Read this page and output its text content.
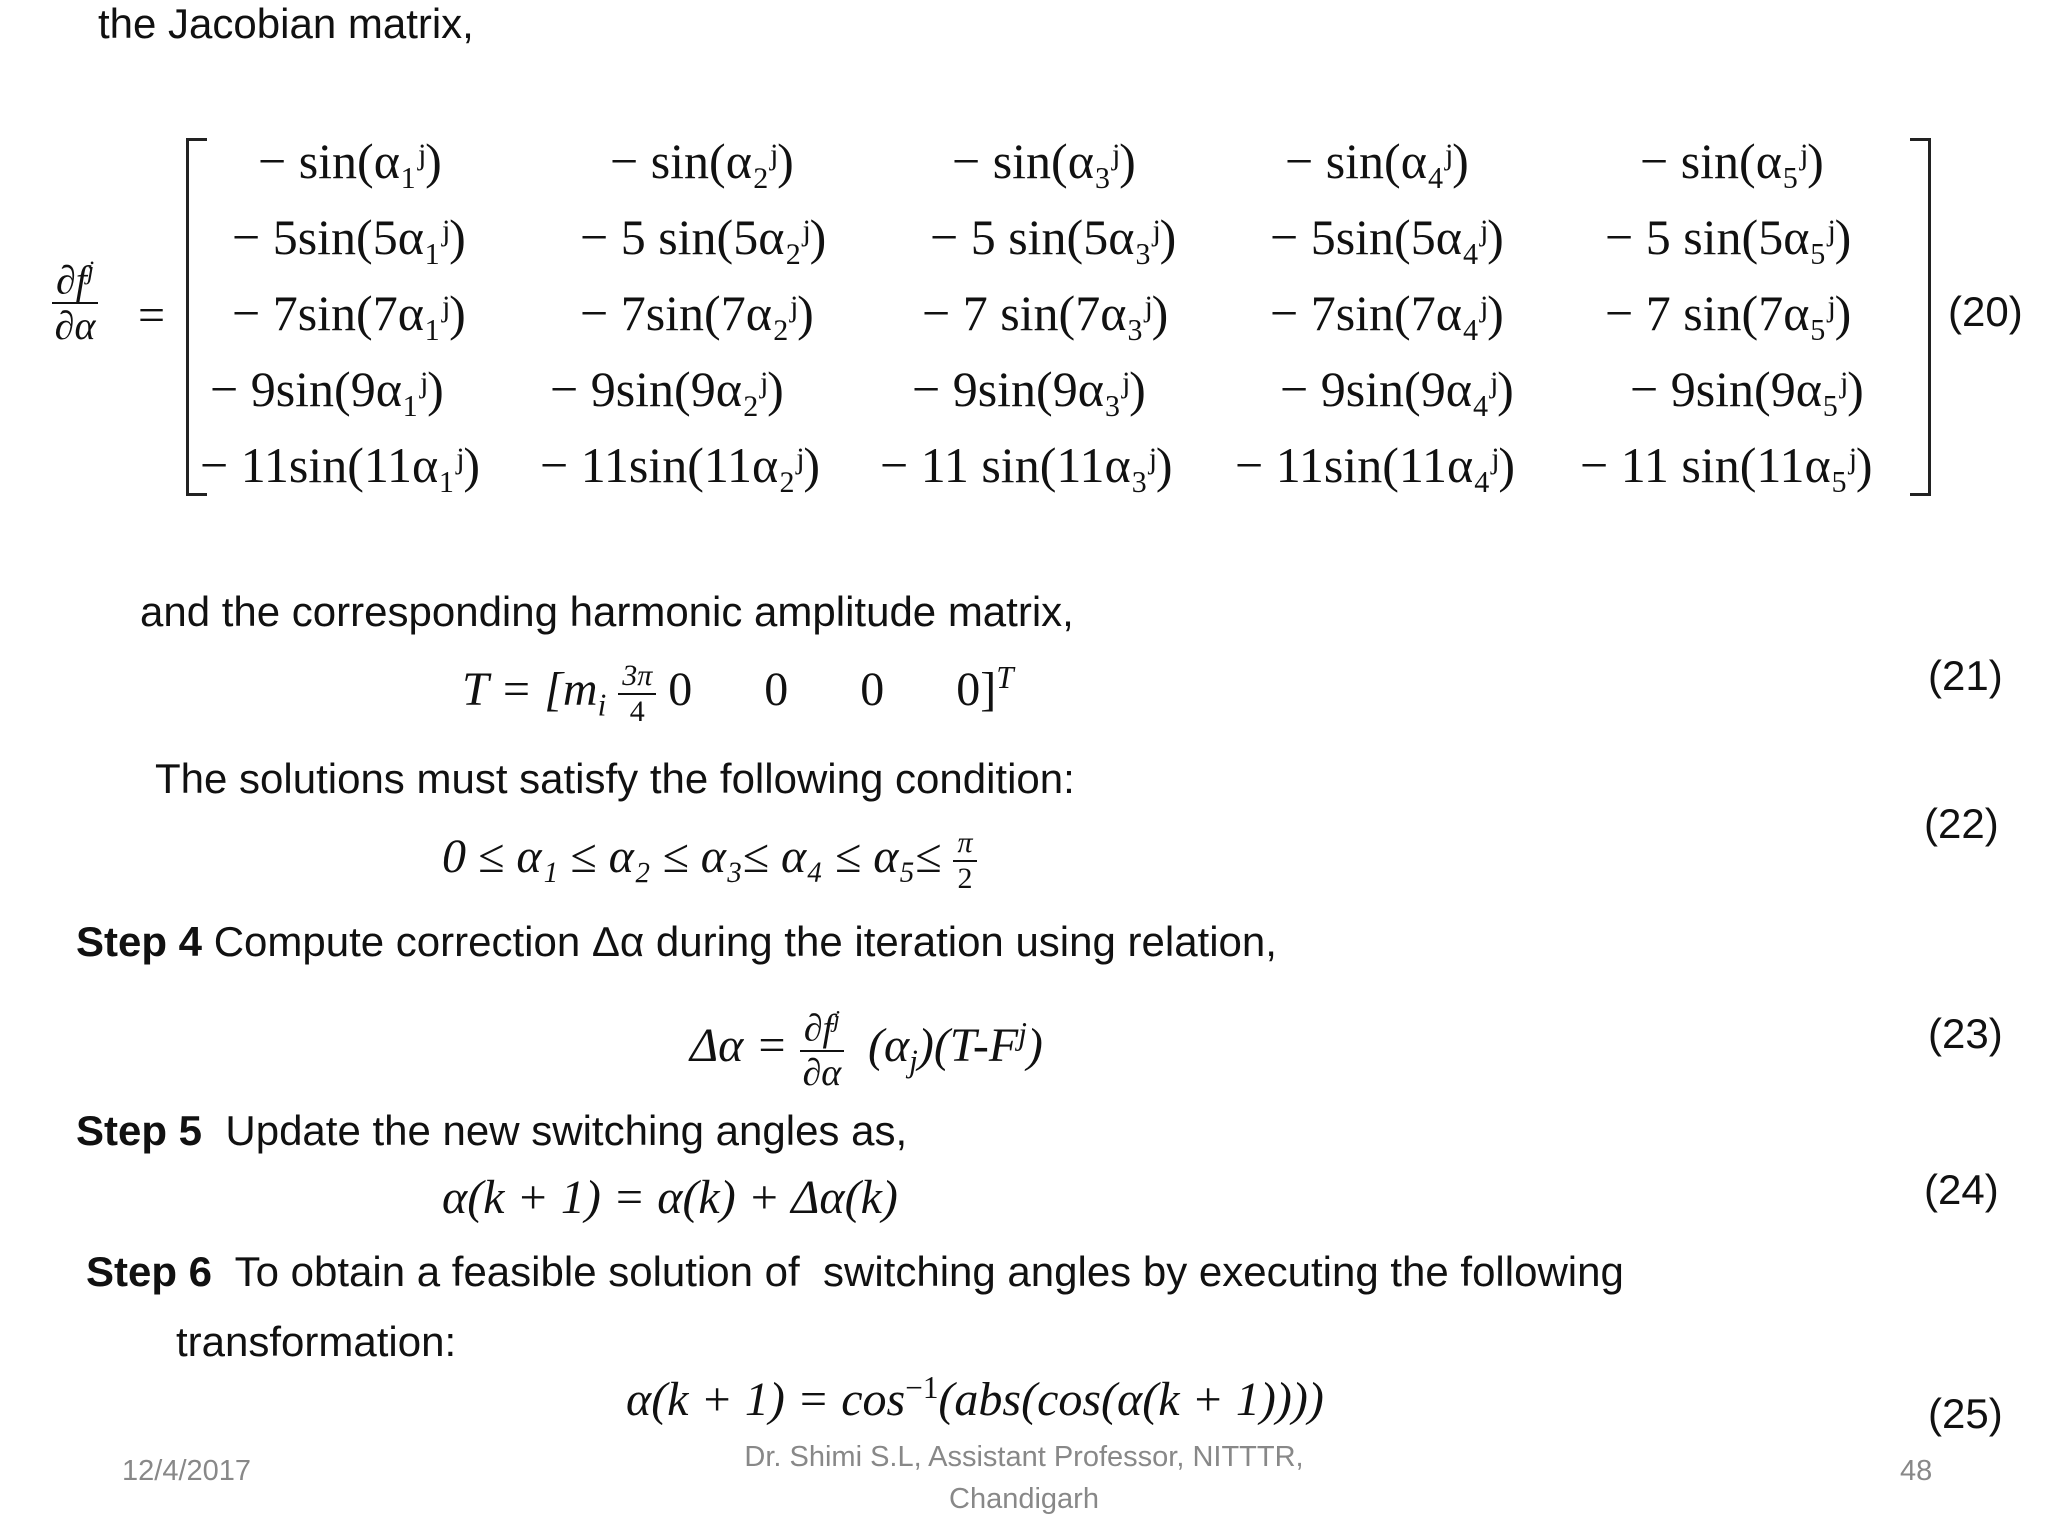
the Jacobian matrix,
$\frac{\partial f^j}{\partial\alpha}$ =
− sin(α₁ʲ)	− sin(α₂ʲ)	− sin(α₃ʲ)	− sin(α₄ʲ)	− sin(α₅ʲ)
− 5sin(5α₁ʲ) − 5 sin(5α₂ʲ) − 5 sin(5α₃ʲ) − 5sin(5α₄ʲ) − 5 sin(5α₅ʲ)
− 7sin(7α₁ʲ) − 7sin(7α₂ʲ) − 7 sin(7α₃ʲ) − 7sin(7α₄ʲ) − 7 sin(7α₅ʲ)
− 9sin(9α₁ʲ) − 9sin(9α₂ʲ)	− 9sin(9α₃ʲ)	− 9sin(9α₄ʲ) − 9sin(9α₅ʲ)
− 11sin(11α₁ʲ) − 11sin(11α₂ʲ) − 11 sin(11α₃ʲ) − 11sin(11α₄ʲ) − 11 sin(11α₅ʲ)
(20)
and the corresponding harmonic amplitude matrix,
$T = [m_i \frac{3\pi}{4} 0$      0      0      0]$^T$	(21)
The solutions must satisfy the following condition:
$0 \le \alpha_1 \le \alpha_2 \le \alpha_3\le \alpha_4 \le \alpha_5\le \frac{\pi}{2}$
(22)
Step 4 Compute correction Δα during the iteration using relation,
$\Delta\alpha = \frac{\partial f^j}{\partial\alpha} (\alpha_j)(T-F^j)$	(23)
Step 5  Update the new switching angles as,
α(k + 1) = α(k) + Δα(k)	(24)
Step 6  To obtain a feasible solution of  switching angles by executing the following
transformation:
$\alpha(k + 1) = \cos^{-1}(abs(\cos(\alpha(k + 1))))$	(25)
12/4/2017	Dr. Shimi S.L, Assistant Professor, NITTTR,
Chandigarh
48
